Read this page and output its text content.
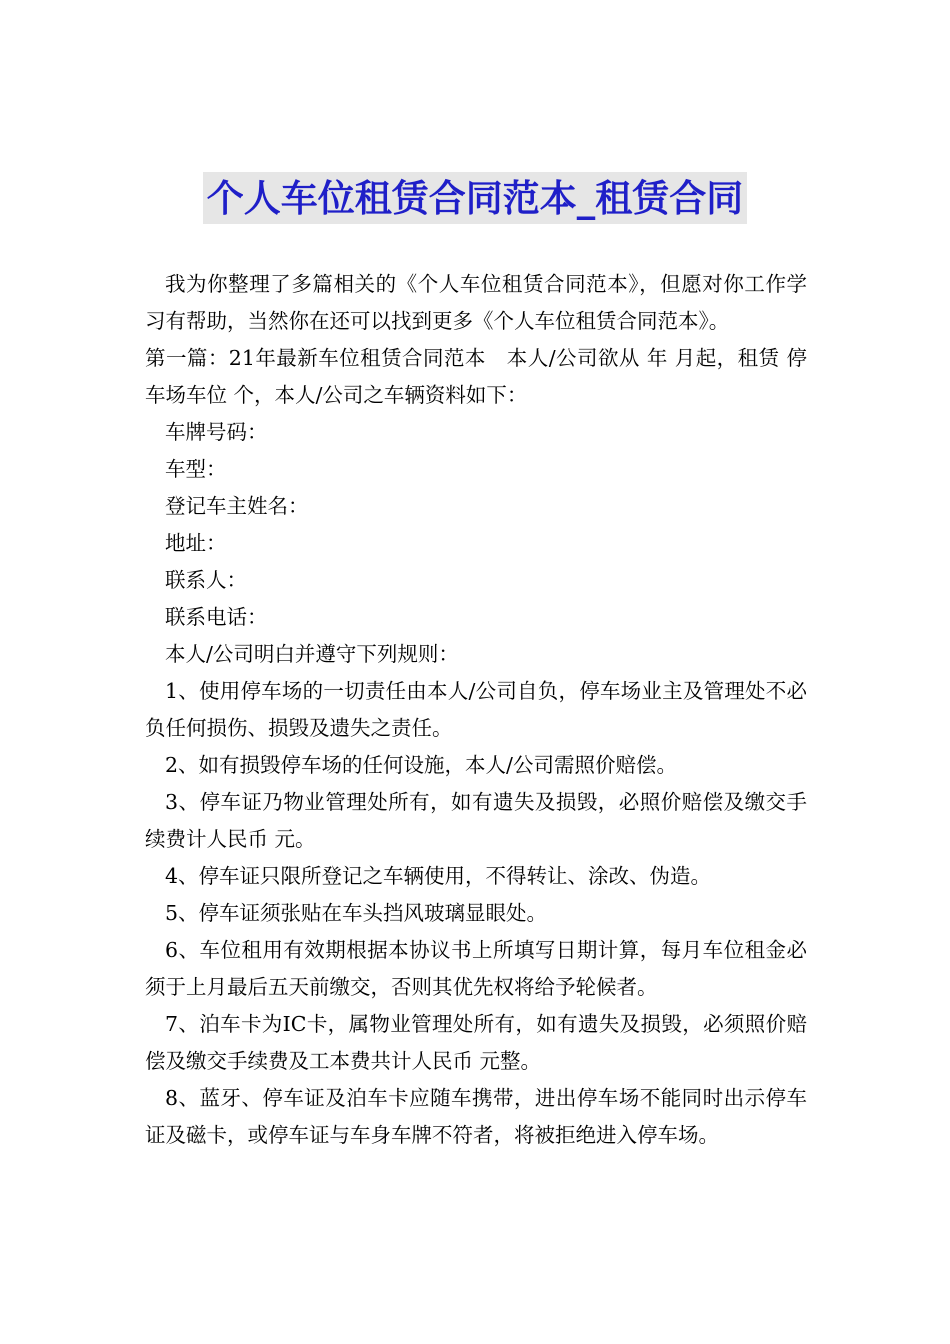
个人车位租赁合同范本_租赁合同

我为你整理了多篇相关的《个人车位租赁合同范本》，但愿对你工作学习有帮助，当然你在还可以找到更多《个人车位租赁合同范本》。

第一篇：21年最新车位租赁合同范本　本人/公司欲从 年 月起，租赁 停车场车位 个，本人/公司之车辆资料如下：

车牌号码：

车型：

登记车主姓名：

地址：

联系人：

联系电话：

本人/公司明白并遵守下列规则：

1、使用停车场的一切责任由本人/公司自负，停车场业主及管理处不必负任何损伤、损毁及遗失之责任。

2、如有损毁停车场的任何设施，本人/公司需照价赔偿。

3、停车证乃物业管理处所有，如有遗失及损毁，必照价赔偿及缴交手续费计人民币 元。

4、停车证只限所登记之车辆使用，不得转让、涂改、伪造。

5、停车证须张贴在车头挡风玻璃显眼处。

6、车位租用有效期根据本协议书上所填写日期计算，每月车位租金必须于上月最后五天前缴交，否则其优先权将给予轮候者。

7、泊车卡为IC卡，属物业管理处所有，如有遗失及损毁，必须照价赔偿及缴交手续费及工本费共计人民币 元整。

8、蓝牙、停车证及泊车卡应随车携带，进出停车场不能同时出示停车证及磁卡，或停车证与车身车牌不符者，将被拒绝进入停车场。
